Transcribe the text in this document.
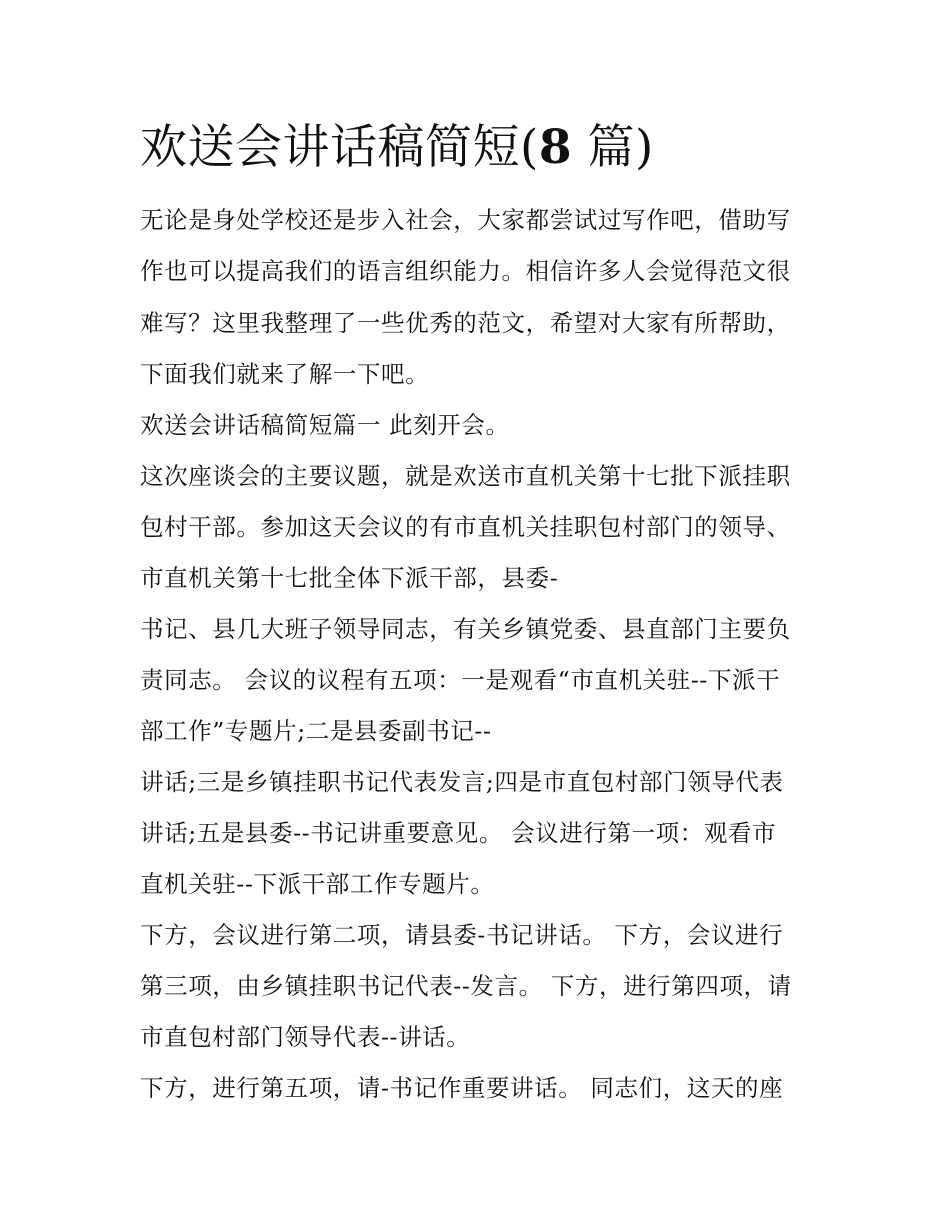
欢送会讲话稿简短(8 篇)

无论是身处学校还是步入社会，大家都尝试过写作吧，借助写

作也可以提高我们的语言组织能力。相信许多人会觉得范文很

难写？这里我整理了一些优秀的范文，希望对大家有所帮助，

下面我们就来了解一下吧。

欢送会讲话稿简短篇一 此刻开会。

这次座谈会的主要议题，就是欢送市直机关第十七批下派挂职

包村干部。参加这天会议的有市直机关挂职包村部门的领导、

市直机关第十七批全体下派干部，县委-

书记、县几大班子领导同志，有关乡镇党委、县直部门主要负

责同志。 会议的议程有五项：一是观看“市直机关驻--下派干

部工作”专题片;二是县委副书记--

讲话;三是乡镇挂职书记代表发言;四是市直包村部门领导代表

讲话;五是县委--书记讲重要意见。 会议进行第一项：观看市

直机关驻--下派干部工作专题片。

下方，会议进行第二项，请县委-书记讲话。 下方，会议进行

第三项，由乡镇挂职书记代表--发言。 下方，进行第四项，请

市直包村部门领导代表--讲话。

下方，进行第五项，请-书记作重要讲话。 同志们，这天的座
